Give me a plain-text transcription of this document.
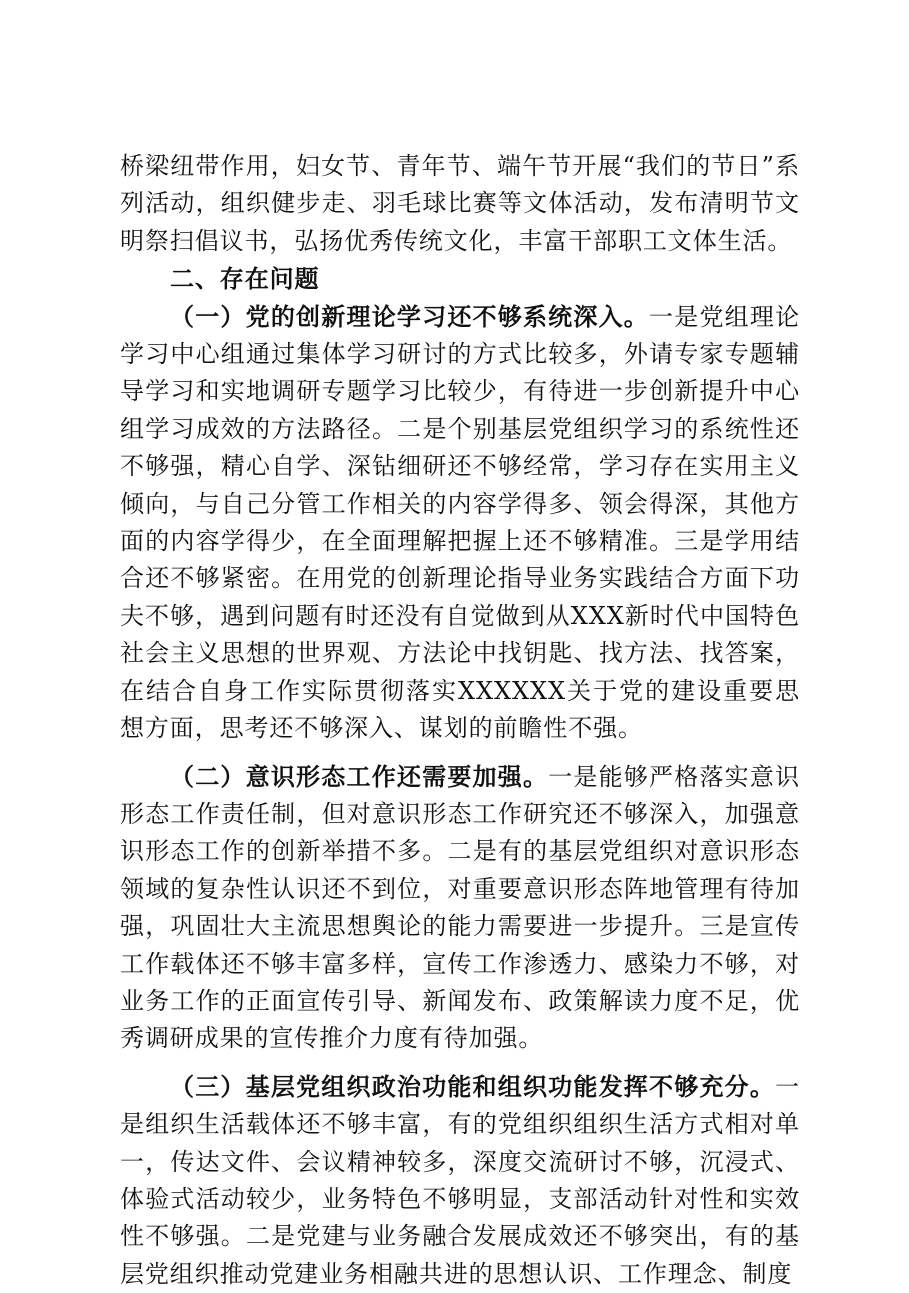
桥梁纽带作用，妇女节、青年节、端午节开展“我们的节日”系列活动，组织健步走、羽毛球比赛等文体活动，发布清明节文明祭扫倡议书，弘扬优秀传统文化，丰富干部职工文体生活。

二、存在问题

（一）党的创新理论学习还不够系统深入。一是党组理论学习中心组通过集体学习研讨的方式比较多，外请专家专题辅导学习和实地调研专题学习比较少，有待进一步创新提升中心组学习成效的方法路径。二是个别基层党组织学习的系统性还不够强，精心自学、深钻细研还不够经常，学习存在实用主义倾向，与自己分管工作相关的内容学得多、领会得深，其他方面的内容学得少，在全面理解把握上还不够精准。三是学用结合还不够紧密。在用党的创新理论指导业务实践结合方面下功夫不够，遇到问题有时还没有自觉做到从XXX新时代中国特色社会主义思想的世界观、方法论中找钥匙、找方法、找答案，在结合自身工作实际贯彻落实XXXXXX关于党的建设重要思想方面，思考还不够深入、谋划的前瞻性不强。

（二）意识形态工作还需要加强。一是能够严格落实意识形态工作责任制，但对意识形态工作研究还不够深入，加强意识形态工作的创新举措不多。二是有的基层党组织对意识形态领域的复杂性认识还不到位，对重要意识形态阵地管理有待加强，巩固壮大主流思想舆论的能力需要进一步提升。三是宣传工作载体还不够丰富多样，宣传工作渗透力、感染力不够，对业务工作的正面宣传引导、新闻发布、政策解读力度不足，优秀调研成果的宣传推介力度有待加强。

（三）基层党组织政治功能和组织功能发挥不够充分。一是组织生活载体还不够丰富，有的党组织组织生活方式相对单一，传达文件、会议精神较多，深度交流研讨不够，沉浸式、体验式活动较少，业务特色不够明显，支部活动针对性和实效性不够强。二是党建与业务融合发展成效还不够突出，有的基层党组织推动党建业务相融共进的思想认识、工作理念、制度
